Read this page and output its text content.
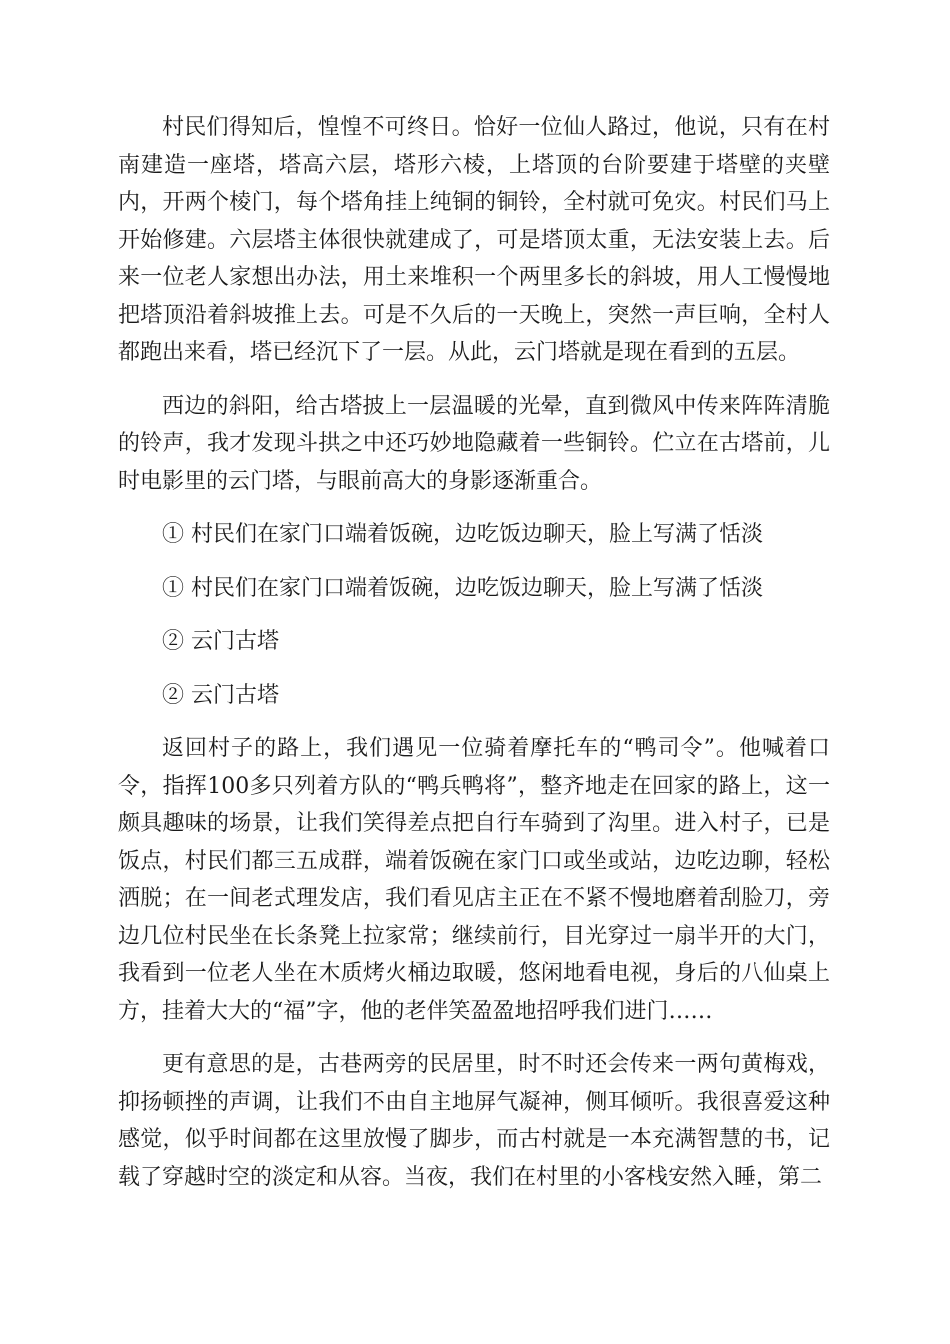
村民们得知后，惶惶不可终日。恰好一位仙人路过，他说，只有在村南建造一座塔，塔高六层，塔形六棱，上塔顶的台阶要建于塔壁的夹壁内，开两个棱门，每个塔角挂上纯铜的铜铃，全村就可免灾。村民们马上开始修建。六层塔主体很快就建成了，可是塔顶太重，无法安装上去。后来一位老人家想出办法，用土来堆积一个两里多长的斜坡，用人工慢慢地把塔顶沿着斜坡推上去。可是不久后的一天晚上，突然一声巨响，全村人都跑出来看，塔已经沉下了一层。从此，云门塔就是现在看到的五层。

西边的斜阳，给古塔披上一层温暖的光晕，直到微风中传来阵阵清脆的铃声，我才发现斗拱之中还巧妙地隐藏着一些铜铃。伫立在古塔前，儿时电影里的云门塔，与眼前高大的身影逐渐重合。

① 村民们在家门口端着饭碗，边吃饭边聊天，脸上写满了恬淡

① 村民们在家门口端着饭碗，边吃饭边聊天，脸上写满了恬淡

② 云门古塔

② 云门古塔

返回村子的路上，我们遇见一位骑着摩托车的“鸭司令”。他喊着口令，指挥100多只列着方队的“鸭兵鸭将”，整齐地走在回家的路上，这一颇具趣味的场景，让我们笑得差点把自行车骑到了沟里。进入村子，已是饭点，村民们都三五成群，端着饭碗在家门口或坐或站，边吃边聊，轻松洒脱；在一间老式理发店，我们看见店主正在不紧不慢地磨着刮脸刀，旁边几位村民坐在长条凳上拉家常；继续前行，目光穿过一扇半开的大门，我看到一位老人坐在木质烤火桶边取暖，悠闲地看电视，身后的八仙桌上方，挂着大大的“福”字，他的老伴笑盈盈地招呼我们进门……

更有意思的是，古巷两旁的民居里，时不时还会传来一两句黄梅戏，抑扬顿挫的声调，让我们不由自主地屏气凝神，侧耳倾听。我很喜爱这种感觉，似乎时间都在这里放慢了脚步，而古村就是一本充满智慧的书，记载了穿越时空的淡定和从容。当夜，我们在村里的小客栈安然入睡，第二
